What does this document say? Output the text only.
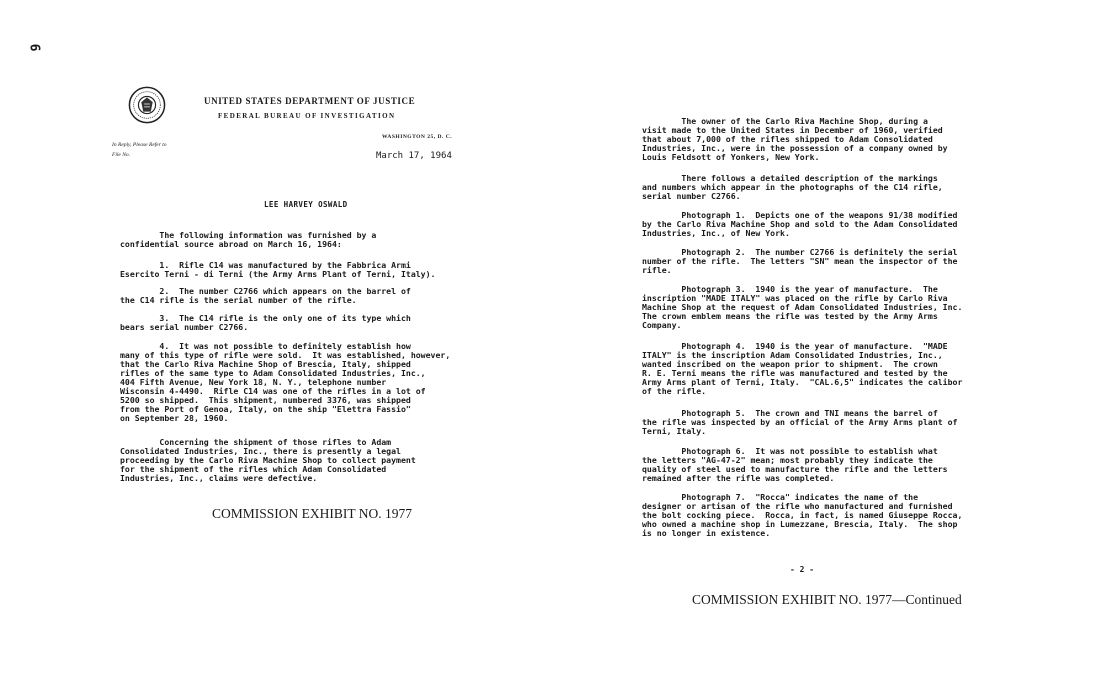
6
UNITED STATES DEPARTMENT OF JUSTICE
FEDERAL BUREAU OF INVESTIGATION
In Reply, Please Refer to
File No.
WASHINGTON 25, D. C.
March 17, 1964
LEE HARVEY OSWALD
The following information was furnished by a
confidential source abroad on March 16, 1964:
1.  Rifle C14 was manufactured by the Fabbrica Armi
Esercito Terni - di Terni (the Army Arms Plant of Terni, Italy).
2.  The number C2766 which appears on the barrel of
the C14 rifle is the serial number of the rifle.
3.  The C14 rifle is the only one of its type which
bears serial number C2766.
4.  It was not possible to definitely establish how
many of this type of rifle were sold.  It was established, however,
that the Carlo Riva Machine Shop of Brescia, Italy, shipped
rifles of the same type to Adam Consolidated Industries, Inc.,
404 Fifth Avenue, New York 18, N. Y., telephone number
Wisconsin 4-4490.  Rifle C14 was one of the rifles in a lot of
5200 so shipped.  This shipment, numbered 3376, was shipped
from the Port of Genoa, Italy, on the ship "Elettra Fassio"
on September 28, 1960.
Concerning the shipment of those rifles to Adam
Consolidated Industries, Inc., there is presently a legal
proceeding by the Carlo Riva Machine Shop to collect payment
for the shipment of the rifles which Adam Consolidated
Industries, Inc., claims were defective.
COMMISSION EXHIBIT NO. 1977
The owner of the Carlo Riva Machine Shop, during a
visit made to the United States in December of 1960, verified
that about 7,000 of the rifles shipped to Adam Consolidated
Industries, Inc., were in the possession of a company owned by
Louis Feldsott of Yonkers, New York.
There follows a detailed description of the markings
and numbers which appear in the photographs of the C14 rifle,
serial number C2766.
Photograph 1.  Depicts one of the weapons 91/38 modified
by the Carlo Riva Machine Shop and sold to the Adam Consolidated
Industries, Inc., of New York.
Photograph 2.  The number C2766 is definitely the serial
number of the rifle.  The letters "SN" mean the inspector of the
rifle.
Photograph 3.  1940 is the year of manufacture.  The
inscription "MADE ITALY" was placed on the rifle by Carlo Riva
Machine Shop at the request of Adam Consolidated Industries, Inc.
The crown emblem means the rifle was tested by the Army Arms
Company.
Photograph 4.  1940 is the year of manufacture.  "MADE
ITALY" is the inscription Adam Consolidated Industries, Inc.,
wanted inscribed on the weapon prior to shipment.  The crown
R. E. Terni means the rifle was manufactured and tested by the
Army Arms plant of Terni, Italy.  "CAL.6,5" indicates the calibor
of the rifle.
Photograph 5.  The crown and TNI means the barrel of
the rifle was inspected by an official of the Army Arms plant of
Terni, Italy.
Photograph 6.  It was not possible to establish what
the letters "AG-47-2" mean; most probably they indicate the
quality of steel used to manufacture the rifle and the letters
remained after the rifle was completed.
Photograph 7.  "Rocca" indicates the name of the
designer or artisan of the rifle who manufactured and furnished
the bolt cocking piece.  Rocca, in fact, is named Giuseppe Rocca,
who owned a machine shop in Lumezzane, Brescia, Italy.  The shop
is no longer in existence.
- 2 -
COMMISSION EXHIBIT NO. 1977—Continued
